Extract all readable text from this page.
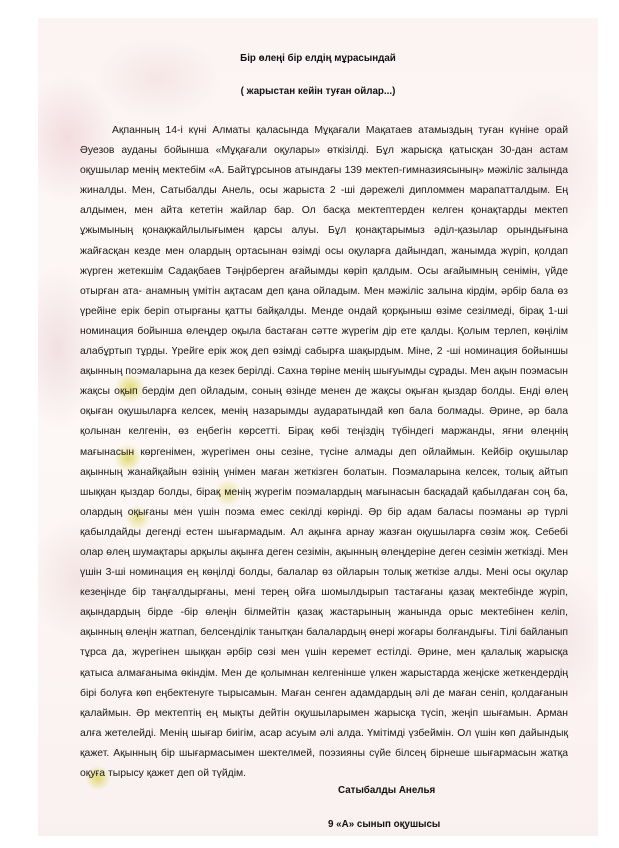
Бір өлеңі бір елдің мұрасындай
( жарыстан кейін туған ойлар...)

Ақпанның 14-і күні Алматы қаласында Мұқағали Мақатаев атамыздың туған күніне орай Әуезов ауданы бойынша «Мұқағали оқулары» өткізілді. Бұл жарысқа қатысқан 30-дан астам оқушылар менің мектебім «А. Байтұрсынов атындағы 139 мектеп-гимназиясының» мәжіліс залында жиналды. Мен, Сатыбалды Анель, осы жарыста 2 -ші дәрежелі дипломмен марапатталдым. Ең алдымен, мен айта кететін жайлар бар. Ол басқа мектептерден келген қонақтарды мектеп ұжымының қонақжайлылығымен қарсы алуы. Бұл қонақтарымыз әділ-қазылар орындығына жайғасқан кезде мен олардың ортасынан өзімді осы оқуларға дайындап, жанымда жүріп, қолдап жүрген жетекшім Садақбаев Тәңірберген ағайымды көріп қалдым. Осы ағайымның сенімін, үйде отырған ата- анамның үмітін ақтасам деп қана ойладым. Мен мәжіліс залына кірдім, әрбір бала өз үрейіне ерік беріп отырғаны қатты байқалды. Менде ондай қорқыныш өзіме сезілмеді, бірақ 1-ші номинация бойынша өлеңдер оқыла бастаған сәтте жүрегім дір ете қалды. Қолым терлеп, көңілім алабұртып тұрды. Үрейге ерік жоқ деп өзімді сабырға шақырдым. Міне, 2 -ші номинация бойыншы ақынның поэмаларына да кезек берілді. Сахна төріне менің шығуымды сұрады. Мен ақын поэмасын жақсы оқып бердім деп ойладым, соның өзінде менен де жақсы оқыған қыздар болды. Енді өлең оқыған оқушыларға келсек, менің назарымды аударатындай көп бала болмады. Әрине, әр бала қолынан келгенін, өз еңбегін көрсетті. Бірақ көбі теңіздің түбіндегі маржанды, яғни өлеңнің мағынасын көргенімен, жүрегімен оны сезіне, түсіне алмады деп ойлаймын. Кейбір оқушылар ақынның жанайқайын өзінің үнімен маған жеткізген болатын. Поэмаларына келсек, толық айтып шыққан қыздар болды, бірақ менің жүрегім поэмалардың мағынасын басқадай қабылдаған соң ба, олардың оқығаны мен үшін поэма емес секілді көрінді. Әр бір адам баласы поэманы әр түрлі қабылдайды дегенді естен шығармадым. Ал ақынға арнау жазған оқушыларға сөзім жоқ. Себебі олар өлең шумақтары арқылы ақынға деген сезімін, ақынның өлеңдеріне деген сезімін жеткізді. Мен үшін 3-ші номинация ең көңілді болды, балалар өз ойларын толық жеткізе алды. Мені осы оқулар кезеңінде бір таңғалдырғаны, мені терең ойға шомылдырып тастағаны қазақ мектебінде жүріп, ақындардың бірде -бір өлеңін білмейтін қазақ жастарының жанында орыс мектебінен келіп, ақынның өлеңін жатпап, белсенділік танытқан балалардың өнері жоғары болғандығы. Тілі байланып тұрса да, жүрегінен шыққан әрбір сөзі мен үшін керемет естілді. Әрине, мен қалалық жарысқа қатыса алмағаныма өкіндім. Мен де қолымнан келгенінше үлкен жарыстарда жеңіске жеткендердің бірі болуға көп еңбектенуге тырысамын. Маған сенген адамдардың әлі де маған сеніп, қолдағанын қалаймын. Әр мектептің ең мықты дейтін оқушыларымен жарысқа түсіп, жеңіп шығамын. Арман алға жетелейді. Менің шығар биігім, асар асуым әлі алда. Үмітімді үзбеймін. Ол үшін көп дайындық қажет. Ақынның бір шығармасымен шектелмей, поэзияны сүйе білсең бірнеше шығармасын жатқа оқуға тырысу қажет деп ой түйдім.

Сатыбалды Анелья
9 «А» сынып оқушысы
